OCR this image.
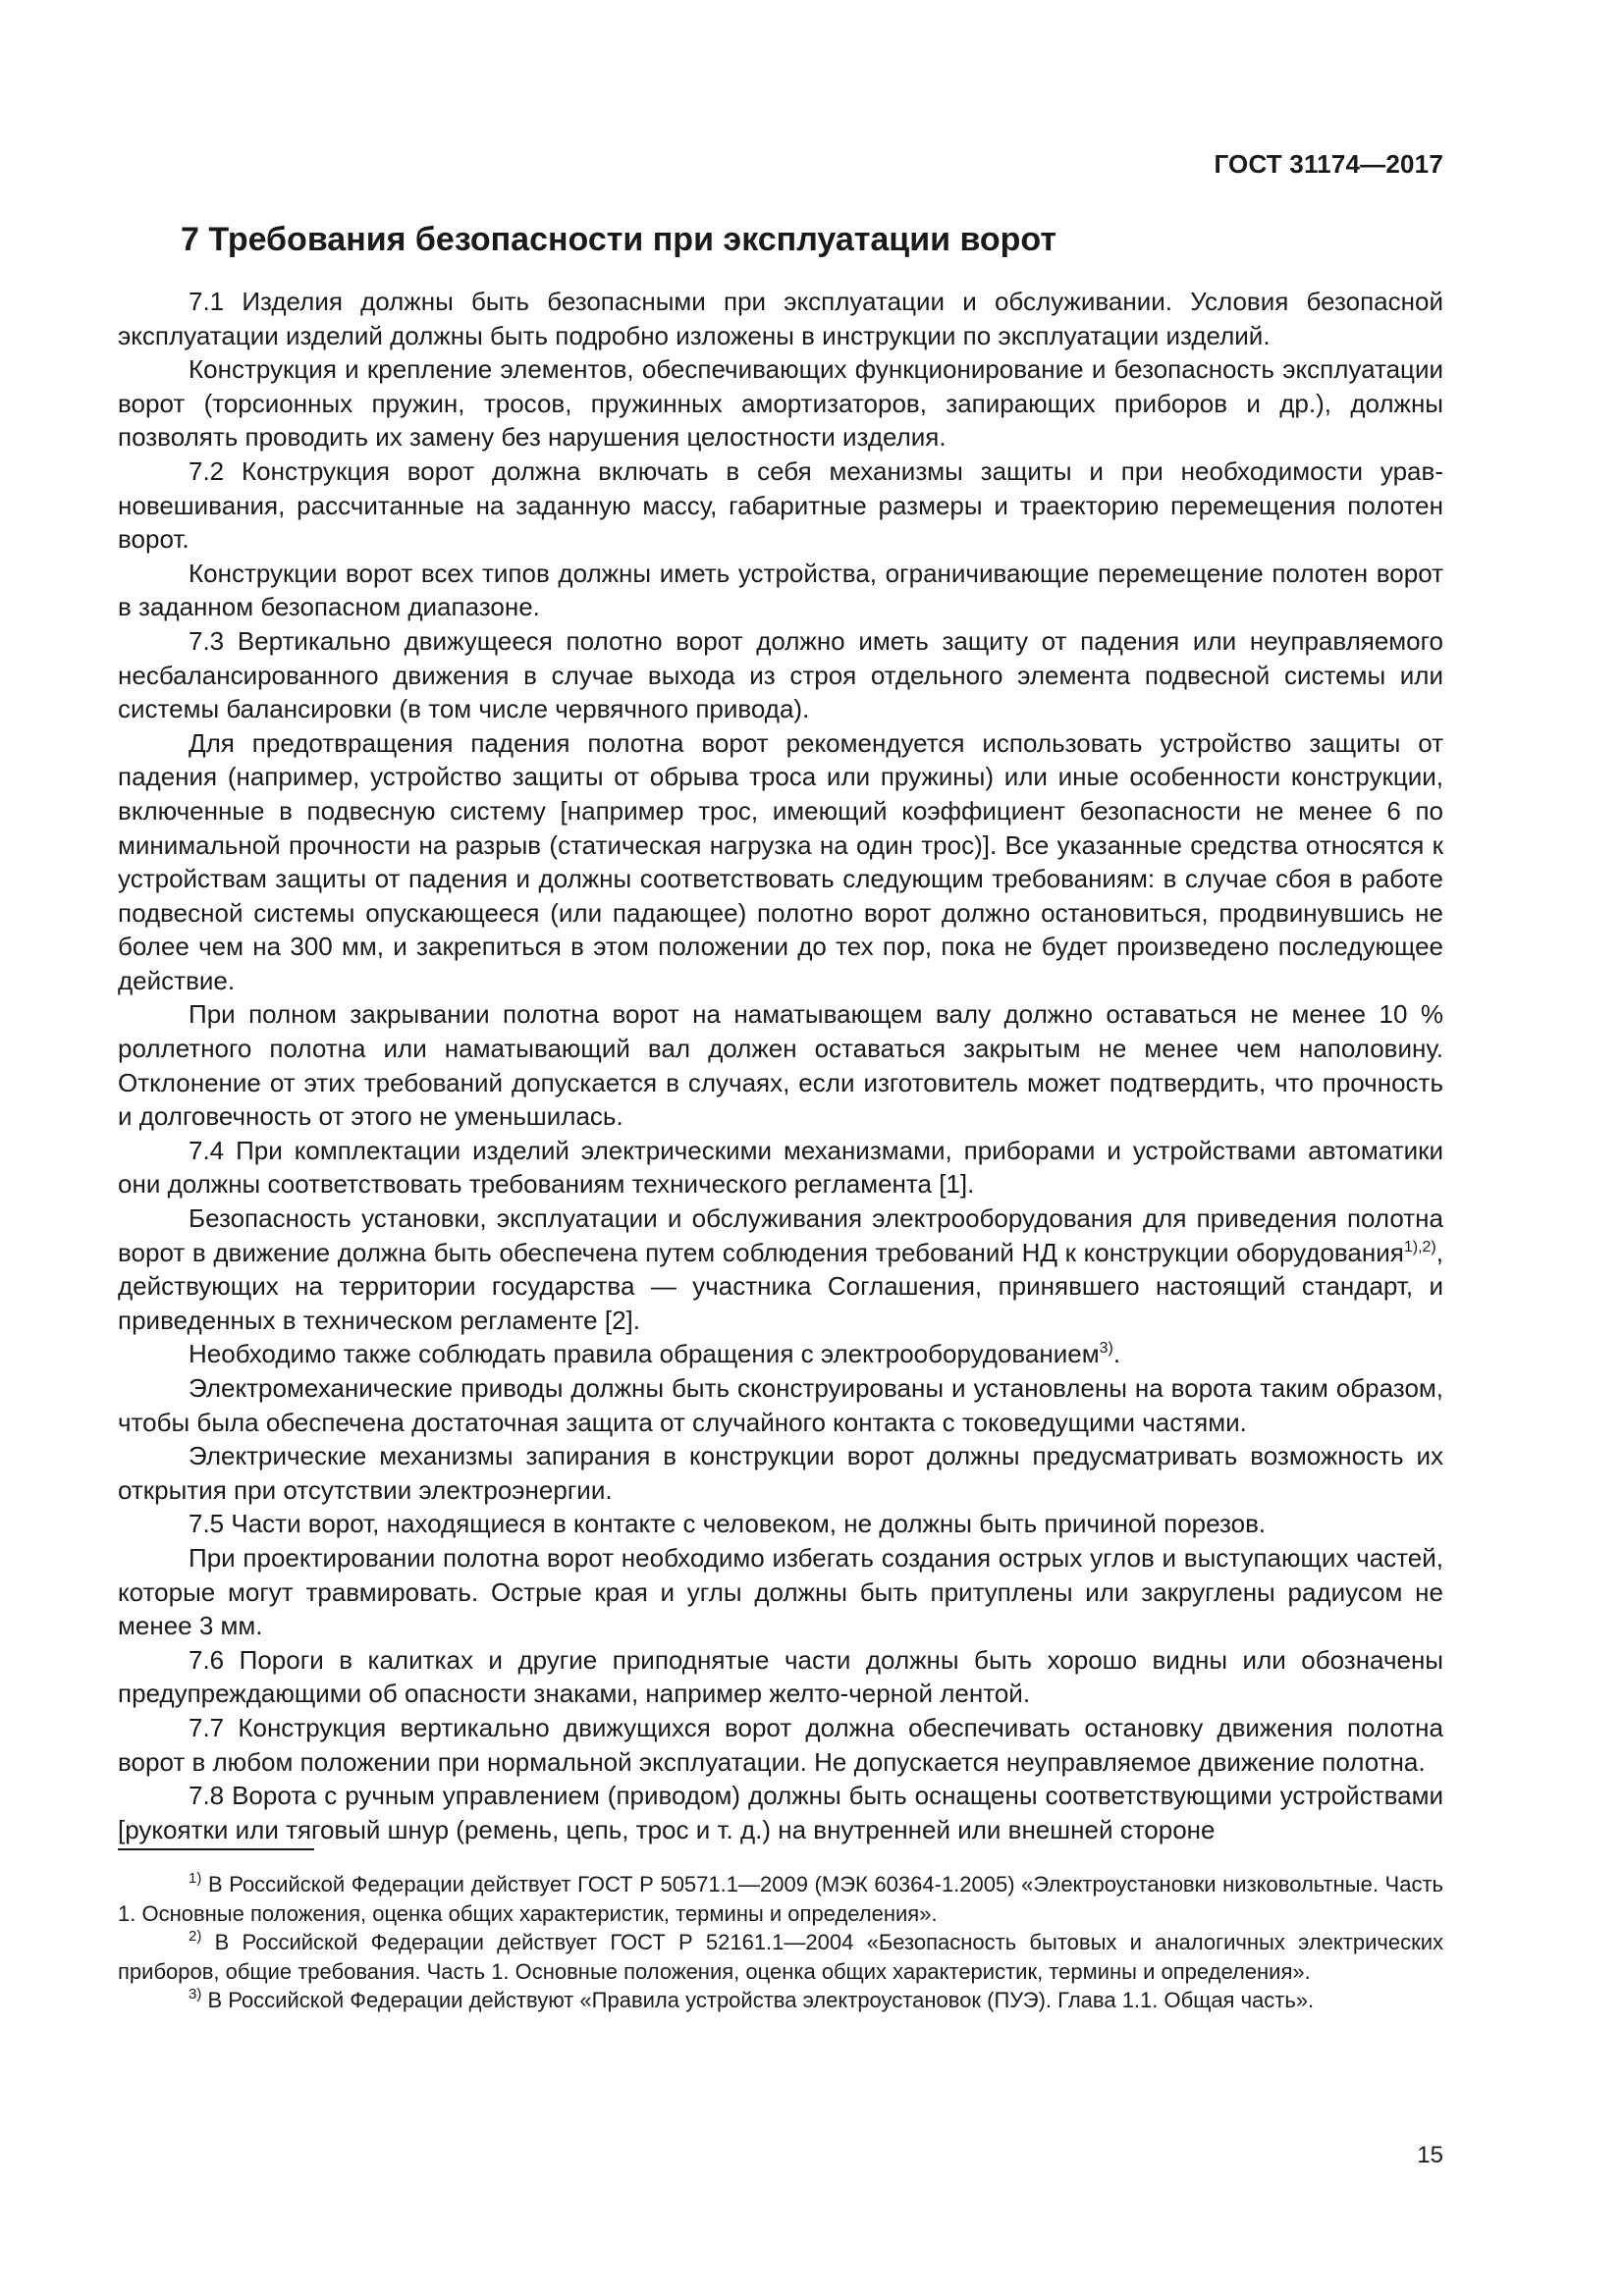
ГОСТ 31174—2017
7 Требования безопасности при эксплуатации ворот

7.1 Изделия должны быть безопасными при эксплуатации и обслуживании. Условия безопасной эксплуатации изделий должны быть подробно изложены в инструкции по эксплуатации изделий.

Конструкция и крепление элементов, обеспечивающих функционирование и безопасность эксплуатации ворот (торсионных пружин, тросов, пружинных амортизаторов, запирающих приборов и др.), должны позволять проводить их замену без нарушения целостности изделия.

7.2 Конструкция ворот должна включать в себя механизмы защиты и при необходимости уравновешивания, рассчитанные на заданную массу, габаритные размеры и траекторию перемещения полотен ворот.

Конструкции ворот всех типов должны иметь устройства, ограничивающие перемещение полотен ворот в заданном безопасном диапазоне.

7.3 Вертикально движущееся полотно ворот должно иметь защиту от падения или неуправляемого несбалансированного движения в случае выхода из строя отдельного элемента подвесной системы или системы балансировки (в том числе червячного привода).

Для предотвращения падения полотна ворот рекомендуется использовать устройство защиты от падения (например, устройство защиты от обрыва троса или пружины) или иные особенности конструкции, включенные в подвесную систему [например трос, имеющий коэффициент безопасности не менее 6 по минимальной прочности на разрыв (статическая нагрузка на один трос)]. Все указанные средства относятся к устройствам защиты от падения и должны соответствовать следующим требованиям: в случае сбоя в работе подвесной системы опускающееся (или падающее) полотно ворот должно остановиться, продвинувшись не более чем на 300 мм, и закрепиться в этом положении до тех пор, пока не будет произведено последующее действие.

При полном закрывании полотна ворот на наматывающем валу должно оставаться не менее 10 % роллетного полотна или наматывающий вал должен оставаться закрытым не менее чем наполовину. Отклонение от этих требований допускается в случаях, если изготовитель может подтвердить, что прочность и долговечность от этого не уменьшилась.

7.4 При комплектации изделий электрическими механизмами, приборами и устройствами автоматики они должны соответствовать требованиям технического регламента [1].

Безопасность установки, эксплуатации и обслуживания электрооборудования для приведения полотна ворот в движение должна быть обеспечена путем соблюдения требований НД к конструкции оборудования$^{1),2)}$, действующих на территории государства — участника Соглашения, принявшего настоящий стандарт, и приведенных в техническом регламенте [2].

Необходимо также соблюдать правила обращения с электрооборудованием$^{3)}$.

Электромеханические приводы должны быть сконструированы и установлены на ворота таким образом, чтобы была обеспечена достаточная защита от случайного контакта с токоведущими частями.

Электрические механизмы запирания в конструкции ворот должны предусматривать возможность их открытия при отсутствии электроэнергии.

7.5 Части ворот, находящиеся в контакте с человеком, не должны быть причиной порезов.

При проектировании полотна ворот необходимо избегать создания острых углов и выступающих частей, которые могут травмировать. Острые края и углы должны быть притуплены или закруглены радиусом не менее 3 мм.

7.6 Пороги в калитках и другие приподнятые части должны быть хорошо видны или обозначены предупреждающими об опасности знаками, например желто-черной лентой.

7.7 Конструкция вертикально движущихся ворот должна обеспечивать остановку движения полотна ворот в любом положении при нормальной эксплуатации. Не допускается неуправляемое движение полотна.

7.8 Ворота с ручным управлением (приводом) должны быть оснащены соответствующими устройствами [рукоятки или тяговый шнур (ремень, цепь, трос и т. д.) на внутренней или внешней стороне

$^{1)}$ В Российской Федерации действует ГОСТ Р 50571.1—2009 (МЭК 60364-1.2005) «Электроустановки низковольтные. Часть 1. Основные положения, оценка общих характеристик, термины и определения».

$^{2)}$ В Российской Федерации действует ГОСТ Р 52161.1—2004 «Безопасность бытовых и аналогичных электрических приборов, общие требования. Часть 1. Основные положения, оценка общих характеристик, термины и определения».

$^{3)}$ В Российской Федерации действуют «Правила устройства электроустановок (ПУЭ). Глава 1.1. Общая часть».

15
